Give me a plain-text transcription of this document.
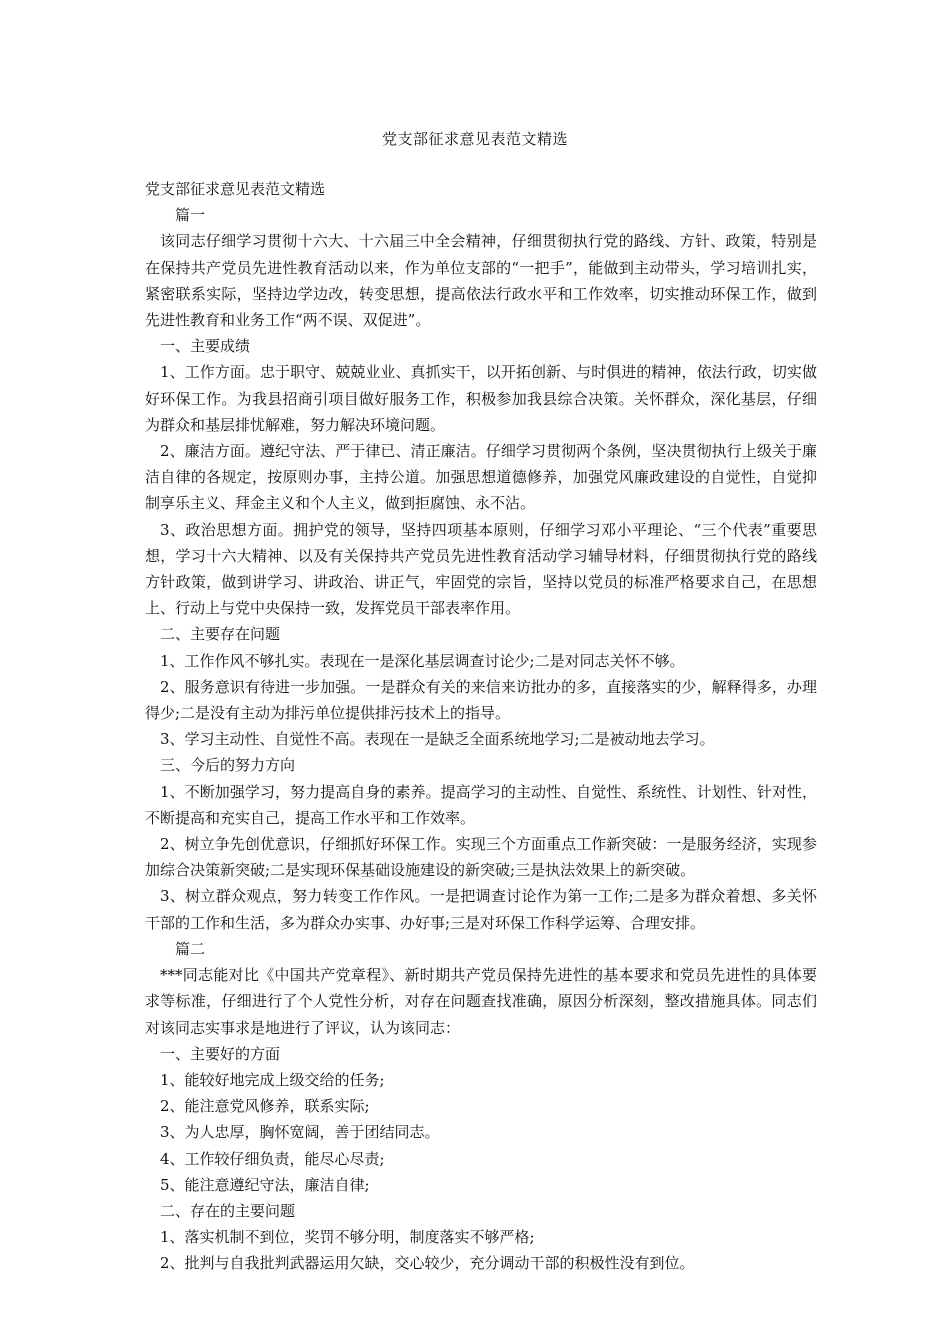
党支部征求意见表范文精选

党支部征求意见表范文精选

篇一

该同志仔细学习贯彻十六大、十六届三中全会精神，仔细贯彻执行党的路线、方针、政策，特别是在保持共产党员先进性教育活动以来，作为单位支部的“一把手”，能做到主动带头，学习培训扎实，紧密联系实际，坚持边学边改，转变思想，提高依法行政水平和工作效率，切实推动环保工作，做到先进性教育和业务工作“两不误、双促进”。

一、主要成绩

1、工作方面。忠于职守、兢兢业业、真抓实干，以开拓创新、与时俱进的精神，依法行政，切实做好环保工作。为我县招商引项目做好服务工作，积极参加我县综合决策。关怀群众，深化基层，仔细为群众和基层排忧解难，努力解决环境问题。

2、廉洁方面。遵纪守法、严于律已、清正廉洁。仔细学习贯彻两个条例，坚决贯彻执行上级关于廉洁自律的各规定，按原则办事，主持公道。加强思想道德修养，加强党风廉政建设的自觉性，自觉抑制享乐主义、拜金主义和个人主义，做到拒腐蚀、永不沾。

3、政治思想方面。拥护党的领导，坚持四项基本原则，仔细学习邓小平理论、“三个代表”重要思想，学习十六大精神、以及有关保持共产党员先进性教育活动学习辅导材料，仔细贯彻执行党的路线方针政策，做到讲学习、讲政治、讲正气，牢固党的宗旨，坚持以党员的标准严格要求自己，在思想上、行动上与党中央保持一致，发挥党员干部表率作用。

二、主要存在问题

1、工作作风不够扎实。表现在一是深化基层调查讨论少;二是对同志关怀不够。

2、服务意识有待进一步加强。一是群众有关的来信来访批办的多，直接落实的少，解释得多，办理得少;二是没有主动为排污单位提供排污技术上的指导。

3、学习主动性、自觉性不高。表现在一是缺乏全面系统地学习;二是被动地去学习。

三、今后的努力方向

1、不断加强学习，努力提高自身的素养。提高学习的主动性、自觉性、系统性、计划性、针对性，不断提高和充实自己，提高工作水平和工作效率。

2、树立争先创优意识，仔细抓好环保工作。实现三个方面重点工作新突破：一是服务经济，实现参加综合决策新突破;二是实现环保基础设施建设的新突破;三是执法效果上的新突破。

3、树立群众观点，努力转变工作作风。一是把调查讨论作为第一工作;二是多为群众着想、多关怀干部的工作和生活，多为群众办实事、办好事;三是对环保工作科学运筹、合理安排。

篇二

***同志能对比《中国共产党章程》、新时期共产党员保持先进性的基本要求和党员先进性的具体要求等标准，仔细进行了个人党性分析，对存在问题查找准确，原因分析深刻，整改措施具体。同志们对该同志实事求是地进行了评议，认为该同志：

一、主要好的方面

1、能较好地完成上级交给的任务;

2、能注意党风修养，联系实际;

3、为人忠厚，胸怀宽阔，善于团结同志。

4、工作较仔细负责，能尽心尽责;

5、能注意遵纪守法，廉洁自律;

二、存在的主要问题

1、落实机制不到位，奖罚不够分明，制度落实不够严格;

2、批判与自我批判武器运用欠缺，交心较少，充分调动干部的积极性没有到位。
